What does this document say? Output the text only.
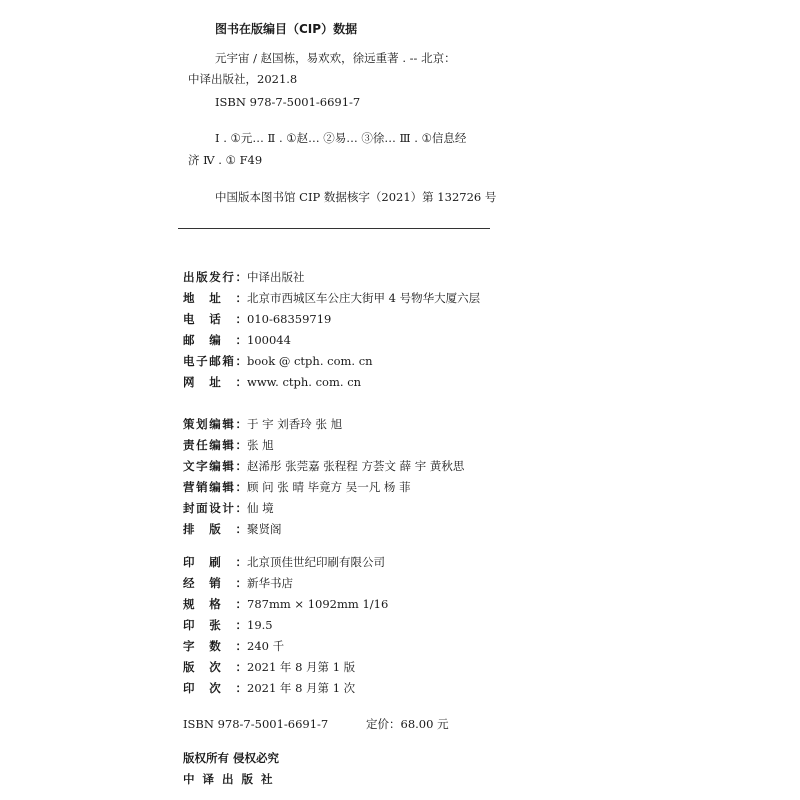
图书在版编目（CIP）数据
元宇宙 / 赵国栋，易欢欢，徐远重著 . -- 北京：
中译出版社，2021.8
ISBN 978-7-5001-6691-7
Ⅰ . ①元… Ⅱ . ①赵… ②易… ③徐… Ⅲ . ①信息经
济 Ⅳ . ① F49
中国版本图书馆 CIP 数据核字（2021）第 132726 号
出 版 发 行 ： 中译出版社
地 址 ： 北京市西城区车公庄大街甲 4 号物华大厦六层
电 话 ： 010-68359719
邮 编 ： 100044
电 子 邮 箱 ： book @ ctph. com. cn
网 址 ： www. ctph. com. cn
策 划 编 辑 ： 于 宇 刘香玲 张 旭
责 任 编 辑 ： 张 旭
文 字 编 辑 ： 赵浠彤 张莞嘉 张程程 方荟文 薛 宇 黄秋思
营 销 编 辑 ： 顾 问 张 晴 毕竟方 吴一凡 杨 菲
封 面 设 计 ： 仙 境
排 版 ： 聚贤阁
印 刷 ： 北京顶佳世纪印刷有限公司
经 销 ： 新华书店
规 格 ： 787mm × 1092mm 1/16
印 张 ： 19.5
字 数 ： 240 千
版 次 ： 2021 年 8 月第 1 版
印 次 ： 2021 年 8 月第 1 次
ISBN 978-7-5001-6691-7	定价：68.00 元
版权所有 侵权必究
中 译 出 版 社
